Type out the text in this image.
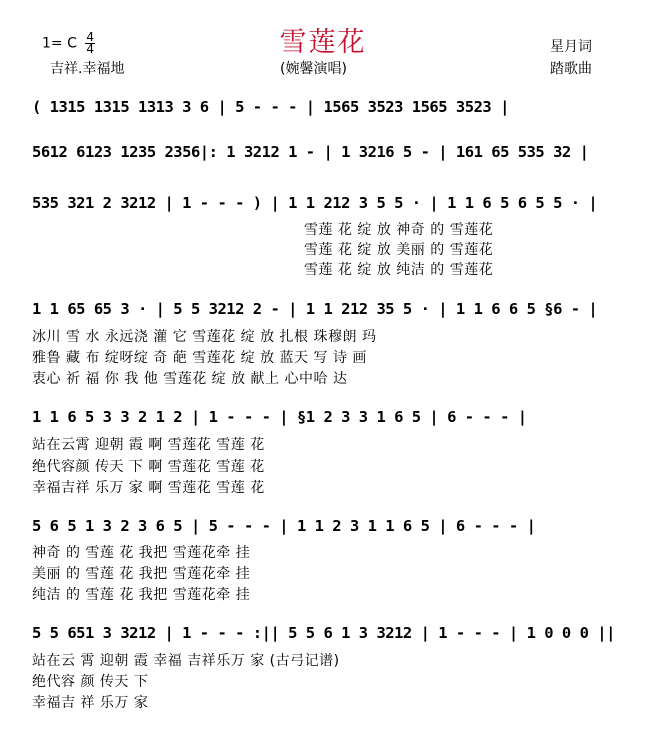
雪莲花
1= C $\frac{4}{4}$
吉祥.幸福地	(婉馨演唱)
星月词
踏歌曲
( 1315 1315 1313 3 6 | 5 - - - | 1565 3523 1565 3523 |
5612 6123 1235 2356|: 1 3212 1 - | 1 3216 5 - | 161 65 535 32 |
535 321 2 3212 | 1 - - - ) | 1 1 212 3 5 5 · | 1 1 6 5 6 5 5 · |
雪莲 花 绽 放 神奇 的 雪莲花
雪莲 花 绽 放 美丽 的 雪莲花
雪莲 花 绽 放 纯洁 的 雪莲花
1 1 65 65 3 · | 5 5 3212 2 - | 1 1 212 35 5 · | 1 1 6 6 5 §6 - |
冰川 雪 水 永远浇 灌 它 雪莲花 绽 放 扎根 珠穆朗 玛
雅鲁 藏 布 绽呀绽 奇 葩 雪莲花 绽 放 蓝天 写 诗 画
衷心 祈 福 你 我 他 雪莲花 绽 放 献上 心中哈 达
1 1 6 5 3 3 2 1 2 | 1 - - - | §1 2 3 3 1 6 5 | 6 - - - |
站在云霄 迎朝 霞 啊 雪莲花 雪莲 花
绝代容颜 传天 下 啊 雪莲花 雪莲 花
幸福吉祥 乐万 家 啊 雪莲花 雪莲 花
5 6 5 1 3 2 3 6 5 | 5 - - - | 1 1 2 3 1 1 6 5 | 6 - - - |
神奇 的 雪莲 花 我把 雪莲花牵 挂
美丽 的 雪莲 花 我把 雪莲花牵 挂
纯洁 的 雪莲 花 我把 雪莲花牵 挂
5 5 651 3 3212 | 1 - - - :|| 5 5 6 1 3 3212 | 1 - - - | 1 0 0 0 ||
站在云 霄 迎朝 霞 幸福 吉祥乐万 家 (古弓记谱)
绝代容 颜 传天 下
幸福吉 祥 乐万 家
